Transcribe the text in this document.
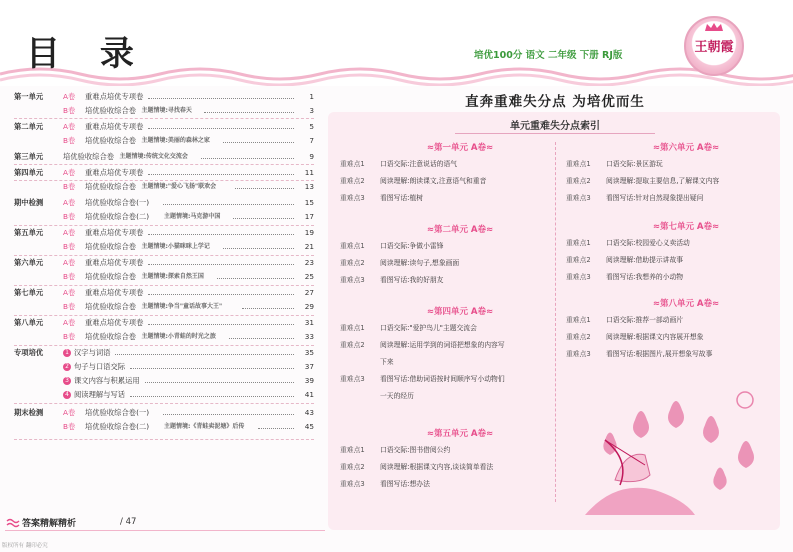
目 录	培优100分 语文 二年级 下册 RJ版
王朝霞
第一单元	A卷 重难点培优专项卷	1
B卷 培优验收综合卷 主题情境:寻找春天	3
第二单元	A卷 重难点培优专项卷	5
B卷 培优验收综合卷 主题情境:美丽的森林之家	7
第三单元	培优验收综合卷 主题情境:传统文化交流会	9
第四单元	A卷 重难点培优专项卷	11
B卷 培优验收综合卷 主题情境:"爱心飞扬"联欢会	13
期中检测	A卷 培优验收综合卷(一)	15
B卷 培优验收综合卷(二) 主题情境:马克游中国	17
第五单元	A卷 重难点培优专项卷	19
B卷 培优验收综合卷 主题情境:小猫咪咪上学记	21
第六单元	A卷 重难点培优专项卷	23
B卷 培优验收综合卷 主题情境:探索自然王国	25
第七单元	A卷 重难点培优专项卷	27
B卷 培优验收综合卷 主题情境:争当"童话故事大王"	29
第八单元	A卷 重难点培优专项卷	31
B卷 培优验收综合卷 主题情境:小青蛙的时光之旅	33
专项培优	1 汉字与词语	35
2 句子与口语交际	37
3 课文内容与积累运用	39
4 阅读理解与写话	41
期末检测	A卷 培优验收综合卷(一)	43
B卷 培优验收综合卷(二) 主题情境:《青蛙卖泥塘》后传	45
答案精解精析	/ 47
版权所有 翻印必究
直奔重难失分点 为培优而生
单元重难失分点索引
≈第一单元 A卷≈
重难点1 口语交际:注意说话的语气
重难点2 阅读理解:朗读课文,注意语气和重音
重难点3 看图写话:植树
≈第二单元 A卷≈
重难点1 口语交际:争做小雷锋
重难点2 阅读理解:读句子,想象画面
重难点3 看图写话:我的好朋友
≈第四单元 A卷≈
重难点1 口语交际:"爱护鸟儿"主题交流会
重难点2 阅读理解:运用学到的词语把想象的内容写
下来
重难点3 看图写话:借助词语按时间顺序写小动物们
一天的经历
≈第五单元 A卷≈
重难点1 口语交际:图书借阅公约
重难点2 阅读理解:根据课文内容,谈谈简单看法
重难点3 看图写话:想办法
≈第六单元 A卷≈
重难点1 口语交际:景区游玩
重难点2 阅读理解:提取主要信息,了解课文内容
重难点3 看图写话:针对自然现象提出疑问
≈第七单元 A卷≈
重难点1 口语交际:校园爱心义卖活动
重难点2 阅读理解:借助提示讲故事
重难点3 看图写话:我想养的小动物
≈第八单元 A卷≈
重难点1 口语交际:推荐一部动画片
重难点2 阅读理解:根据课文内容展开想象
重难点3 看图写话:根据图片,展开想象写故事
